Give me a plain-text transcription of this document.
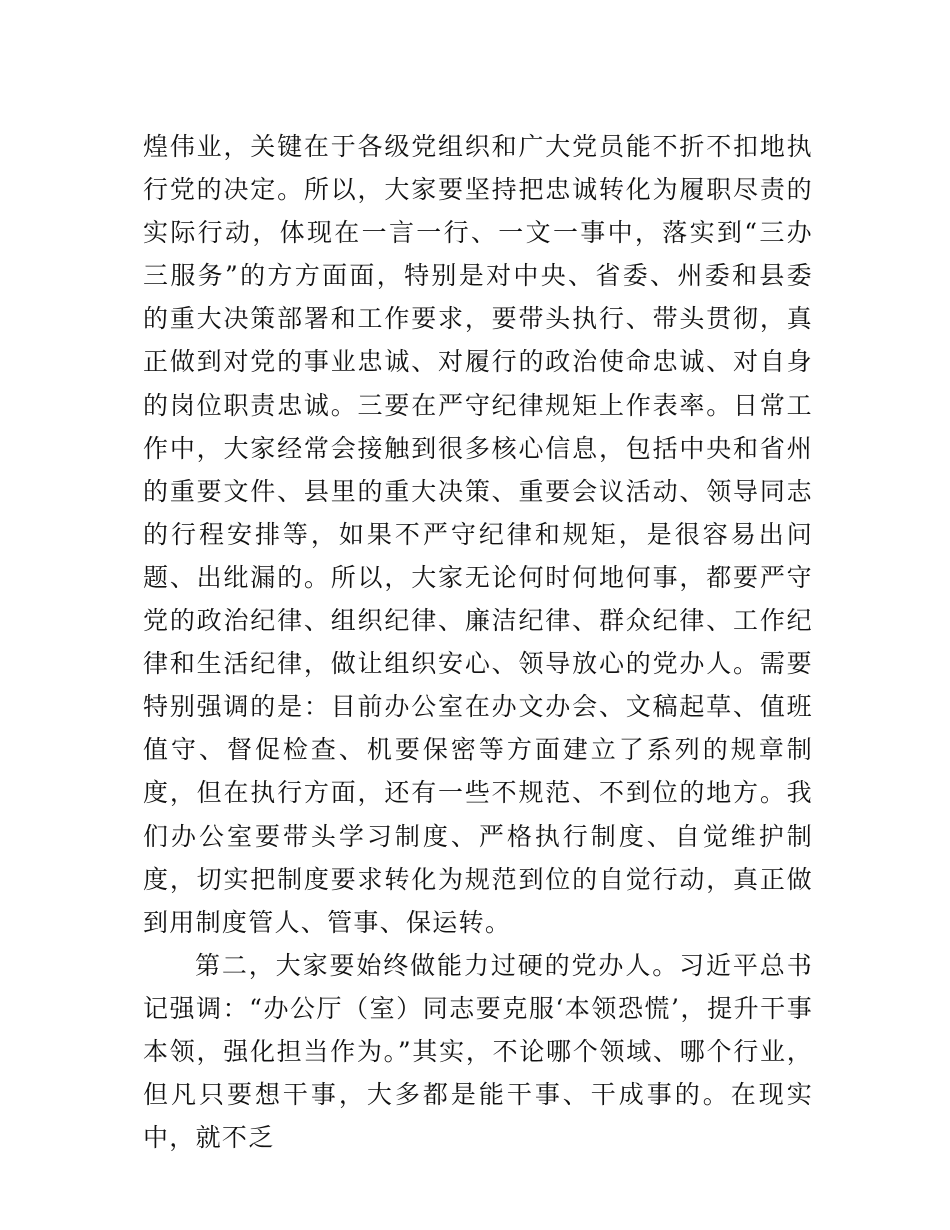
煌伟业，关键在于各级党组织和广大党员能不折不扣地执行党的决定。所以，大家要坚持把忠诚转化为履职尽责的实际行动，体现在一言一行、一文一事中，落实到“三办三服务”的方方面面，特别是对中央、省委、州委和县委的重大决策部署和工作要求，要带头执行、带头贯彻，真正做到对党的事业忠诚、对履行的政治使命忠诚、对自身的岗位职责忠诚。三要在严守纪律规矩上作表率。日常工作中，大家经常会接触到很多核心信息，包括中央和省州的重要文件、县里的重大决策、重要会议活动、领导同志的行程安排等，如果不严守纪律和规矩，是很容易出问题、出纰漏的。所以，大家无论何时何地何事，都要严守党的政治纪律、组织纪律、廉洁纪律、群众纪律、工作纪律和生活纪律，做让组织安心、领导放心的党办人。需要特别强调的是：目前办公室在办文办会、文稿起草、值班值守、督促检查、机要保密等方面建立了系列的规章制度，但在执行方面，还有一些不规范、不到位的地方。我们办公室要带头学习制度、严格执行制度、自觉维护制度，切实把制度要求转化为规范到位的自觉行动，真正做到用制度管人、管事、保运转。

第二，大家要始终做能力过硬的党办人。习近平总书记强调：“办公厅（室）同志要克服‘本领恐慌’，提升干事本领，强化担当作为。”其实，不论哪个领域、哪个行业，但凡只要想干事，大多都是能干事、干成事的。在现实中，就不乏
